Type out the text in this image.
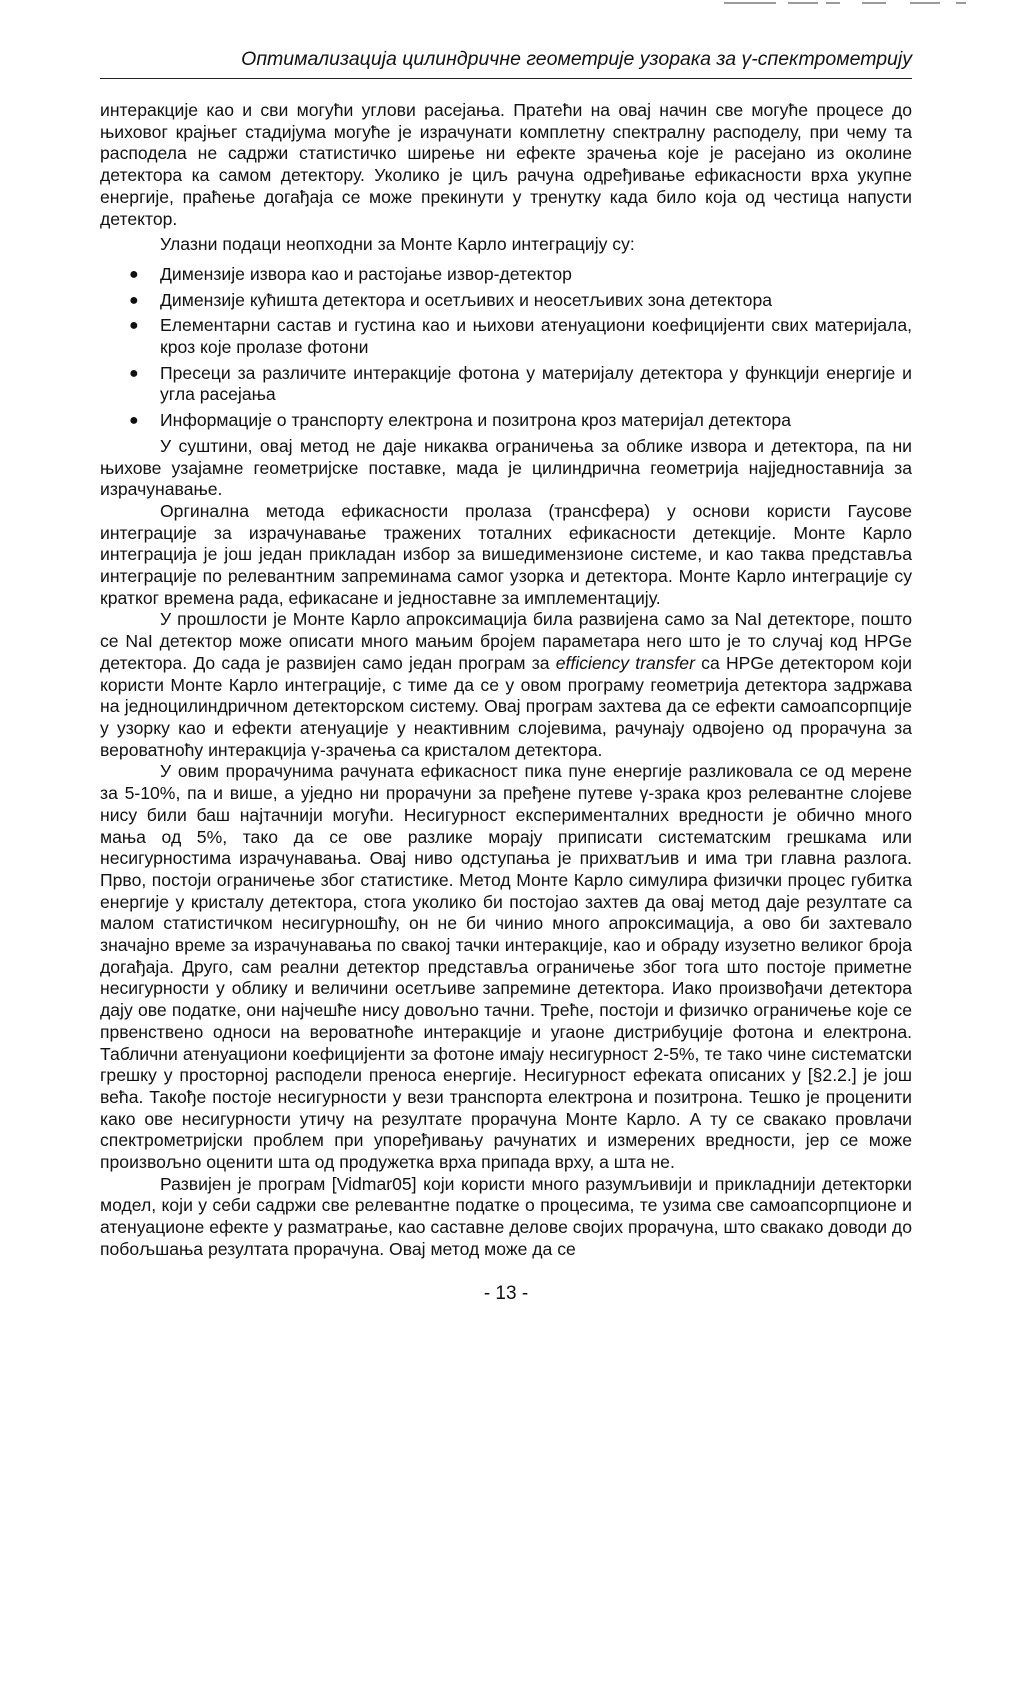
Оптимализација цилиндричне геометрије узорака за γ-спектрометрију

интеракције као и сви могући углови расејања. Пратећи на овај начин све могуће процесе до њиховог крајњег стадијума могуће је израчунати комплетну спектралну расподелу, при чему та расподела не садржи статистичко ширење ни ефекте зрачења које је расејано из околине детектора ка самом детектору. Уколико је циљ рачуна одређивање ефикасности врха укупне енергије, праћење догађаја се може прекинути у тренутку када било која од честица напусти детектор.

Улазни подаци неопходни за Монте Карло интеграцију су:

● Димензије извора као и растојање извор-детектор
● Димензије кућишта детектора и осетљивих и неосетљивих зона детектора
● Елементарни састав и густина као и њихови атенуациони коефицијенти свих материјала, кроз које пролазе фотони
● Пресеци за различите интеракције фотона у материјалу детектора у функцији енергије и угла расејања
● Информације о транспорту електрона и позитрона кроз материјал детектора

У суштини, овај метод не даје никаква ограничења за облике извора и детектора, па ни њихове узајамне геометријске поставке, мада је цилиндрична геометрија најједноставнија за израчунавање.

Оргинална метода ефикасности пролаза (трансфера) у основи користи Гаусове интеграције за израчунавање тражених тоталних ефикасности детекције. Монте Карло интеграција је још један прикладан избор за вишедимензионе системе, и као таква представља интеграције по релевантним запреминама самог узорка и детектора. Монте Карло интеграције су кратког времена рада, ефикасане и једноставне за имплементацију.

У прошлости је Монте Карло апроксимација била развијена само за NaI детекторе, пошто се NaI детектор може описати много мањим бројем параметара него што је то случај код HPGe детектора. До сада је развијен само један програм за efficiency transfer са HPGe детектором који користи Монте Карло интеграције, с тиме да се у овом програму геометрија детектора задржава на једноцилиндричном детекторском систему. Овај програм захтева да се ефекти самоапсорпције у узорку као и ефекти атенуације у неактивним слојевима, рачунају одвојено од прорачуна за вероватноћу интеракција γ-зрачења са кристалом детектора.

У овим прорачунима рачуната ефикасност пика пуне енергије разликовала се од мерене за 5-10%, па и више, а уједно ни прорачуни за пређене путеве γ-зрака кроз релевантне слојеве нису били баш најтачнији могући. Несигурност експерименталних вредности је обично много мања од 5%, тако да се ове разлике морају приписати систематским грешкама или несигурностима израчунавања. Овај ниво одступања је прихватљив и има три главна разлога. Прво, постоји ограничење због статистике. Метод Монте Карло симулира физички процес губитка енергије у кристалу детектора, стога уколико би постојао захтев да овај метод даје резултате са малом статистичком несигурношћу, он не би чинио много апроксимација, а ово би захтевало значајно време за израчунавања по свакој тачки интеракције, као и обраду изузетно великог броја догађаја. Друго, сам реални детектор представља ограничење због тога што постоје приметне несигурности у облику и величини осетљиве запремине детектора. Иако произвођачи детектора дају ове податке, они најчешће нису довољно тачни. Треће, постоји и физичко ограничење које се првенствено односи на вероватноће интеракције и угаоне дистрибуције фотона и електрона. Таблични атенуациони коефицијенти за фотоне имају несигурност 2-5%, те тако чине систематски грешку у просторној расподели преноса енергије. Несигурност ефеката описаних у [§2.2.] је још већа. Такође постоје несигурности у вези транспорта електрона и позитрона. Тешко је проценити како ове несигурности утичу на резултате прорачуна Монте Карло. А ту се свакако провлачи спектрометријски проблем при упоређивању рачунатих и измерених вредности, јер се може произвољно оценити шта од продужетка врха припада врху, а шта не.

Развијен је програм [Vidmar05] који користи много разумљивији и прикладнији детекторки модел, који у себи садржи све релевантне податке о процесима, те узима све самоапсорпционе и атенуационе ефекте у разматрање, као саставне делове својих прорачуна, што свакако доводи до побољшања резултата прорачуна. Овај метод може да се

- 13 -
